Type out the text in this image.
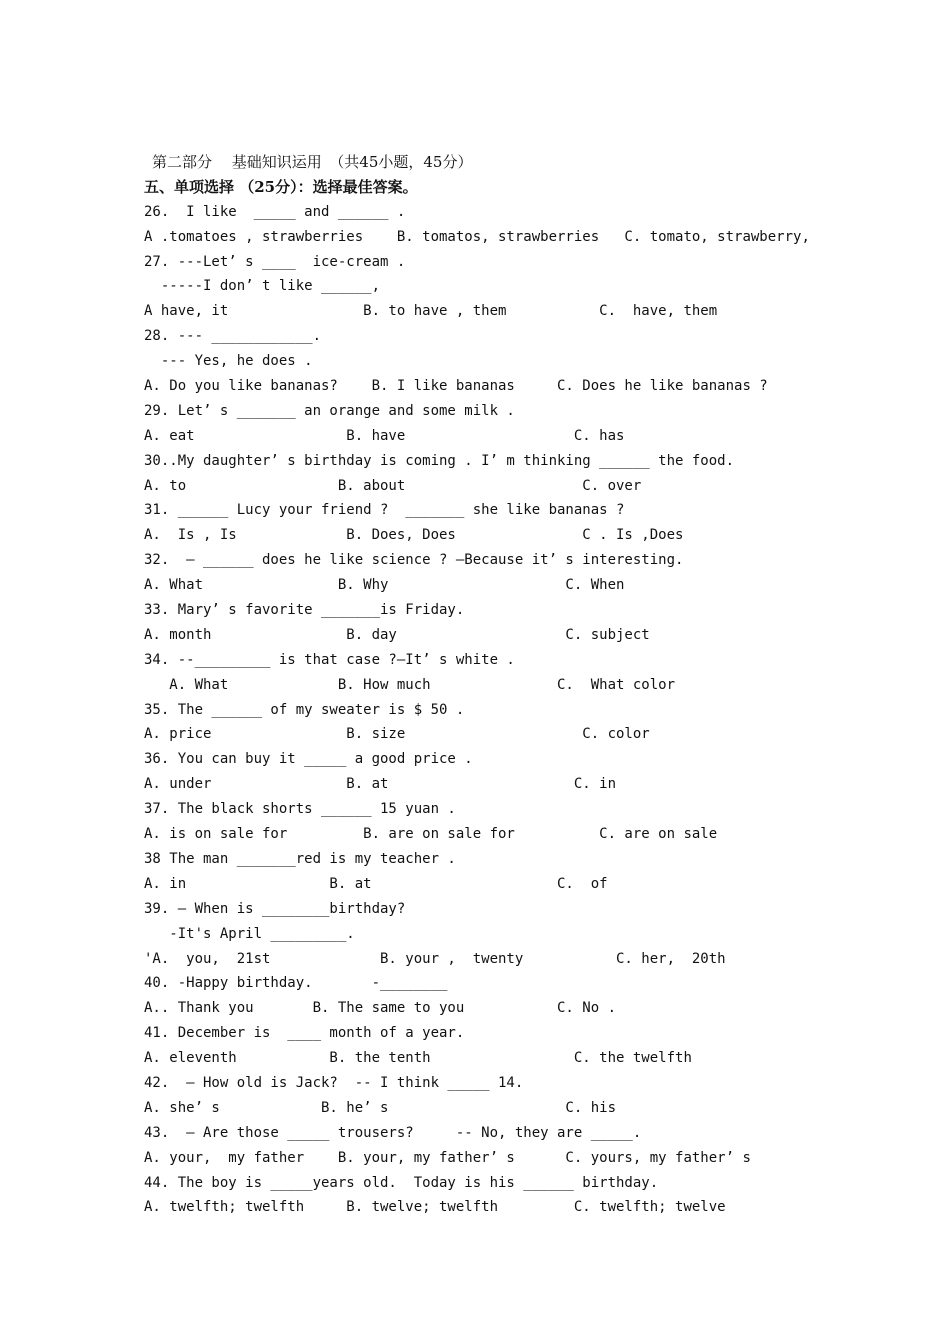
第二部分　 基础知识运用　（共45小题，45分）
五、单项选择 （25分）：选择最佳答案。
26.  I like  _____ and ______ .
A .tomatoes , strawberries    B. tomatos, strawberries   C. tomato, strawberry,
27. ---Let’ s ____  ice-cream .
-----I don’ t like ______,
A have, it                B. to have , them           C.  have, them
28. --- ____________.
--- Yes, he does .
A. Do you like bananas?    B. I like bananas     C. Does he like bananas ?
29. Let’ s _______ an orange and some milk .
A. eat                  B. have                    C. has
30..My daughter’ s birthday is coming . I’ m thinking ______ the food.
A. to                  B. about                     C. over
31. ______ Lucy your friend ?  _______ she like bananas ?
A.  Is , Is             B. Does, Does               C . Is ,Does
32.  – ______ does he like science ? –Because it’ s interesting.
A. What                B. Why                     C. When
33. Mary’ s favorite _______is Friday.
A. month                B. day                    C. subject
34. --_________ is that case ?—It’ s white .
A. What             B. How much               C.  What color
35. The ______ of my sweater is $ 50 .
A. price                B. size                     C. color
36. You can buy it _____ a good price .
A. under                B. at                      C. in
37. The black shorts ______ 15 yuan .
A. is on sale for         B. are on sale for          C. are on sale
38 The man _______red is my teacher .
A. in                 B. at                      C.  of
39. – When is ________birthday?
-It's April _________.
'A.  you,  21st             B. your ,  twenty           C. her,  20th
40. -Happy birthday.       -________
A.. Thank you       B. The same to you           C. No .
41. December is  ____ month of a year.
A. eleventh           B. the tenth                 C. the twelfth
42.  – How old is Jack?  -- I think _____ 14.
A. she’ s            B. he’ s                     C. his
43.  – Are those _____ trousers?     -- No, they are _____.
A. your,  my father    B. your, my father’ s      C. yours, my father’ s
44. The boy is _____years old.  Today is his ______ birthday.
A. twelfth; twelfth     B. twelve; twelfth         C. twelfth; twelve
